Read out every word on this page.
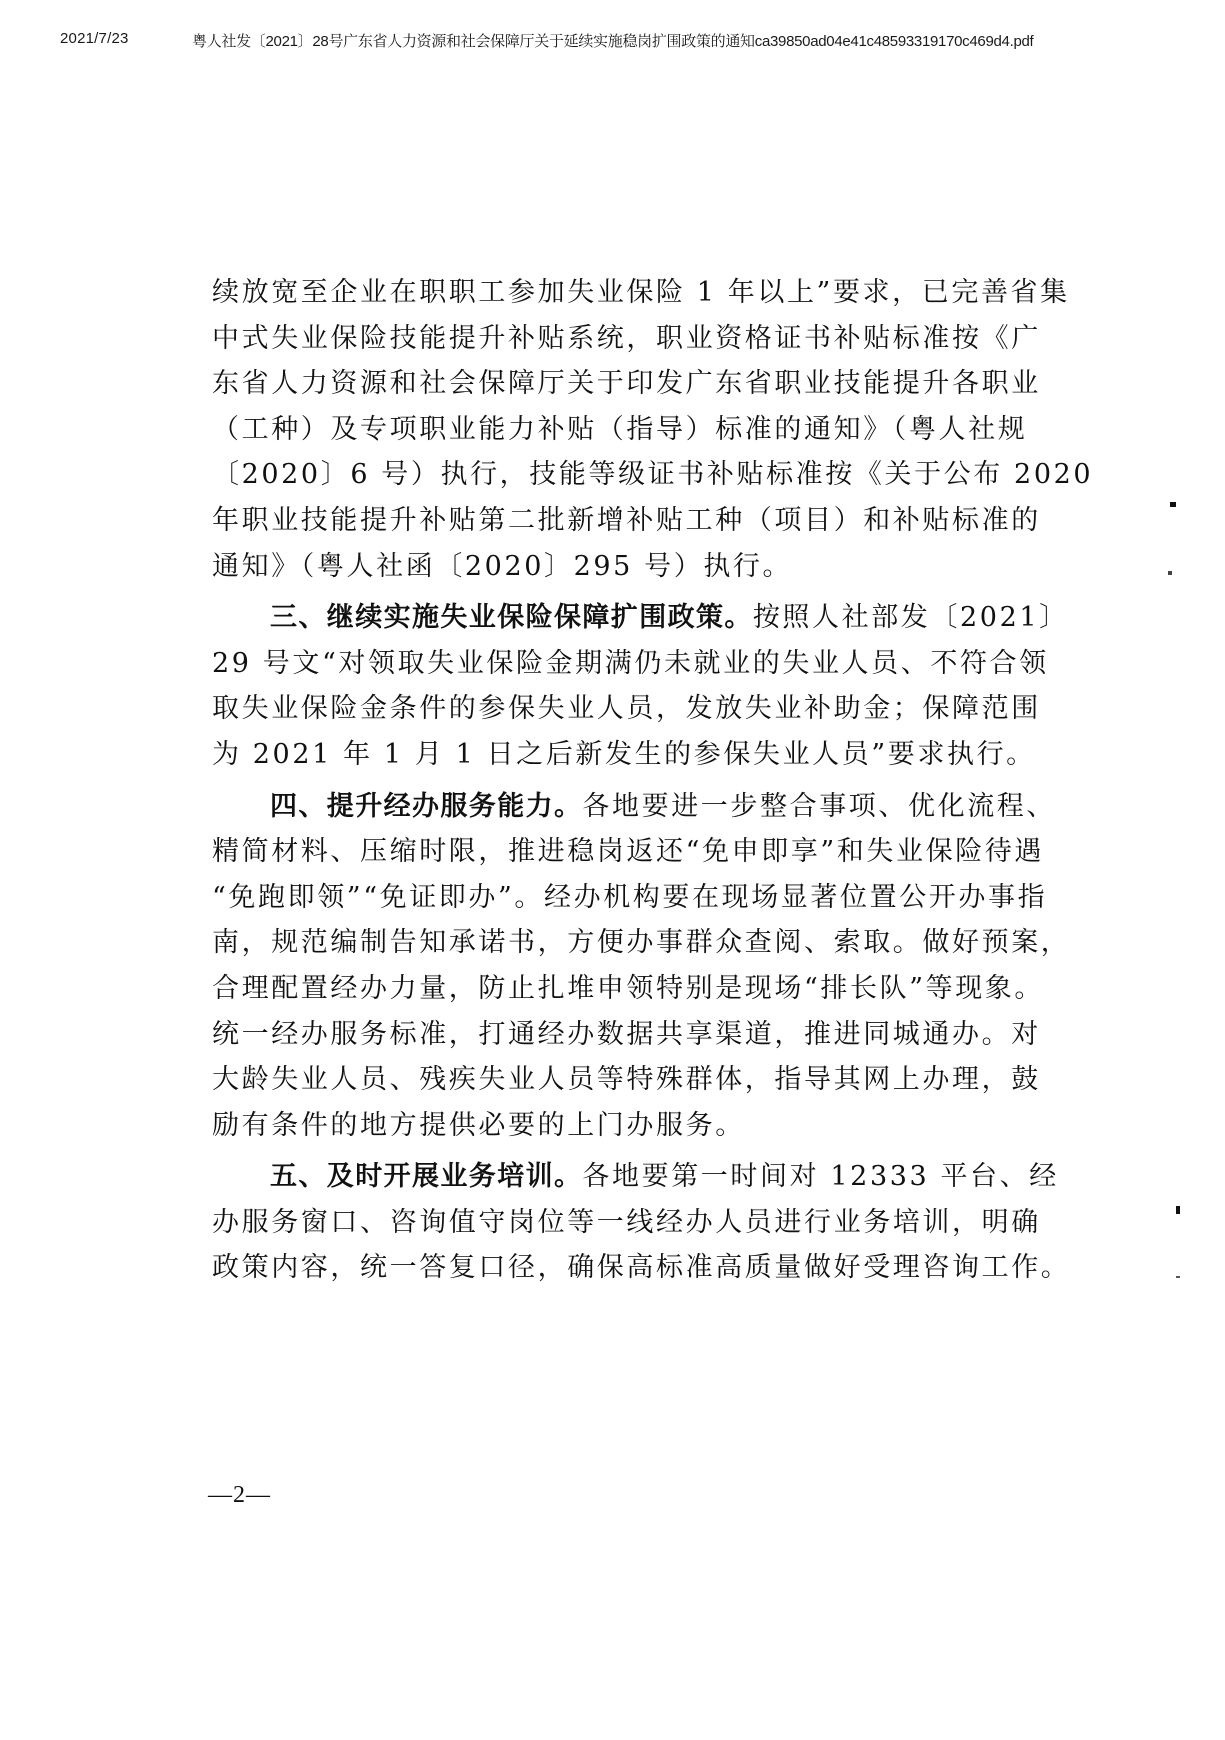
2021/7/23	粤人社发〔2021〕28号广东省人力资源和社会保障厅关于延续实施稳岗扩围政策的通知ca39850ad04e41c48593319170c469d4.pdf
续放宽至企业在职职工参加失业保险 1 年以上”要求，已完善省集
中式失业保险技能提升补贴系统，职业资格证书补贴标准按《广
东省人力资源和社会保障厅关于印发广东省职业技能提升各职业
（工种）及专项职业能力补贴（指导）标准的通知》（粤人社规
〔2020〕6 号）执行，技能等级证书补贴标准按《关于公布 2020
年职业技能提升补贴第二批新增补贴工种（项目）和补贴标准的
通知》（粤人社函〔2020〕295 号）执行。
三、继续实施失业保险保障扩围政策。按照人社部发〔2021〕
29 号文“对领取失业保险金期满仍未就业的失业人员、不符合领
取失业保险金条件的参保失业人员，发放失业补助金；保障范围
为 2021 年 1 月 1 日之后新发生的参保失业人员”要求执行。
四、提升经办服务能力。各地要进一步整合事项、优化流程、
精简材料、压缩时限，推进稳岗返还“免申即享”和失业保险待遇
“免跑即领”“免证即办”。经办机构要在现场显著位置公开办事指
南，规范编制告知承诺书，方便办事群众查阅、索取。做好预案，
合理配置经办力量，防止扎堆申领特别是现场“排长队”等现象。
统一经办服务标准，打通经办数据共享渠道，推进同城通办。对
大龄失业人员、残疾失业人员等特殊群体，指导其网上办理，鼓
励有条件的地方提供必要的上门办服务。
五、及时开展业务培训。各地要第一时间对 12333 平台、经
办服务窗口、咨询值守岗位等一线经办人员进行业务培训，明确
政策内容，统一答复口径，确保高标准高质量做好受理咨询工作。
—2—
